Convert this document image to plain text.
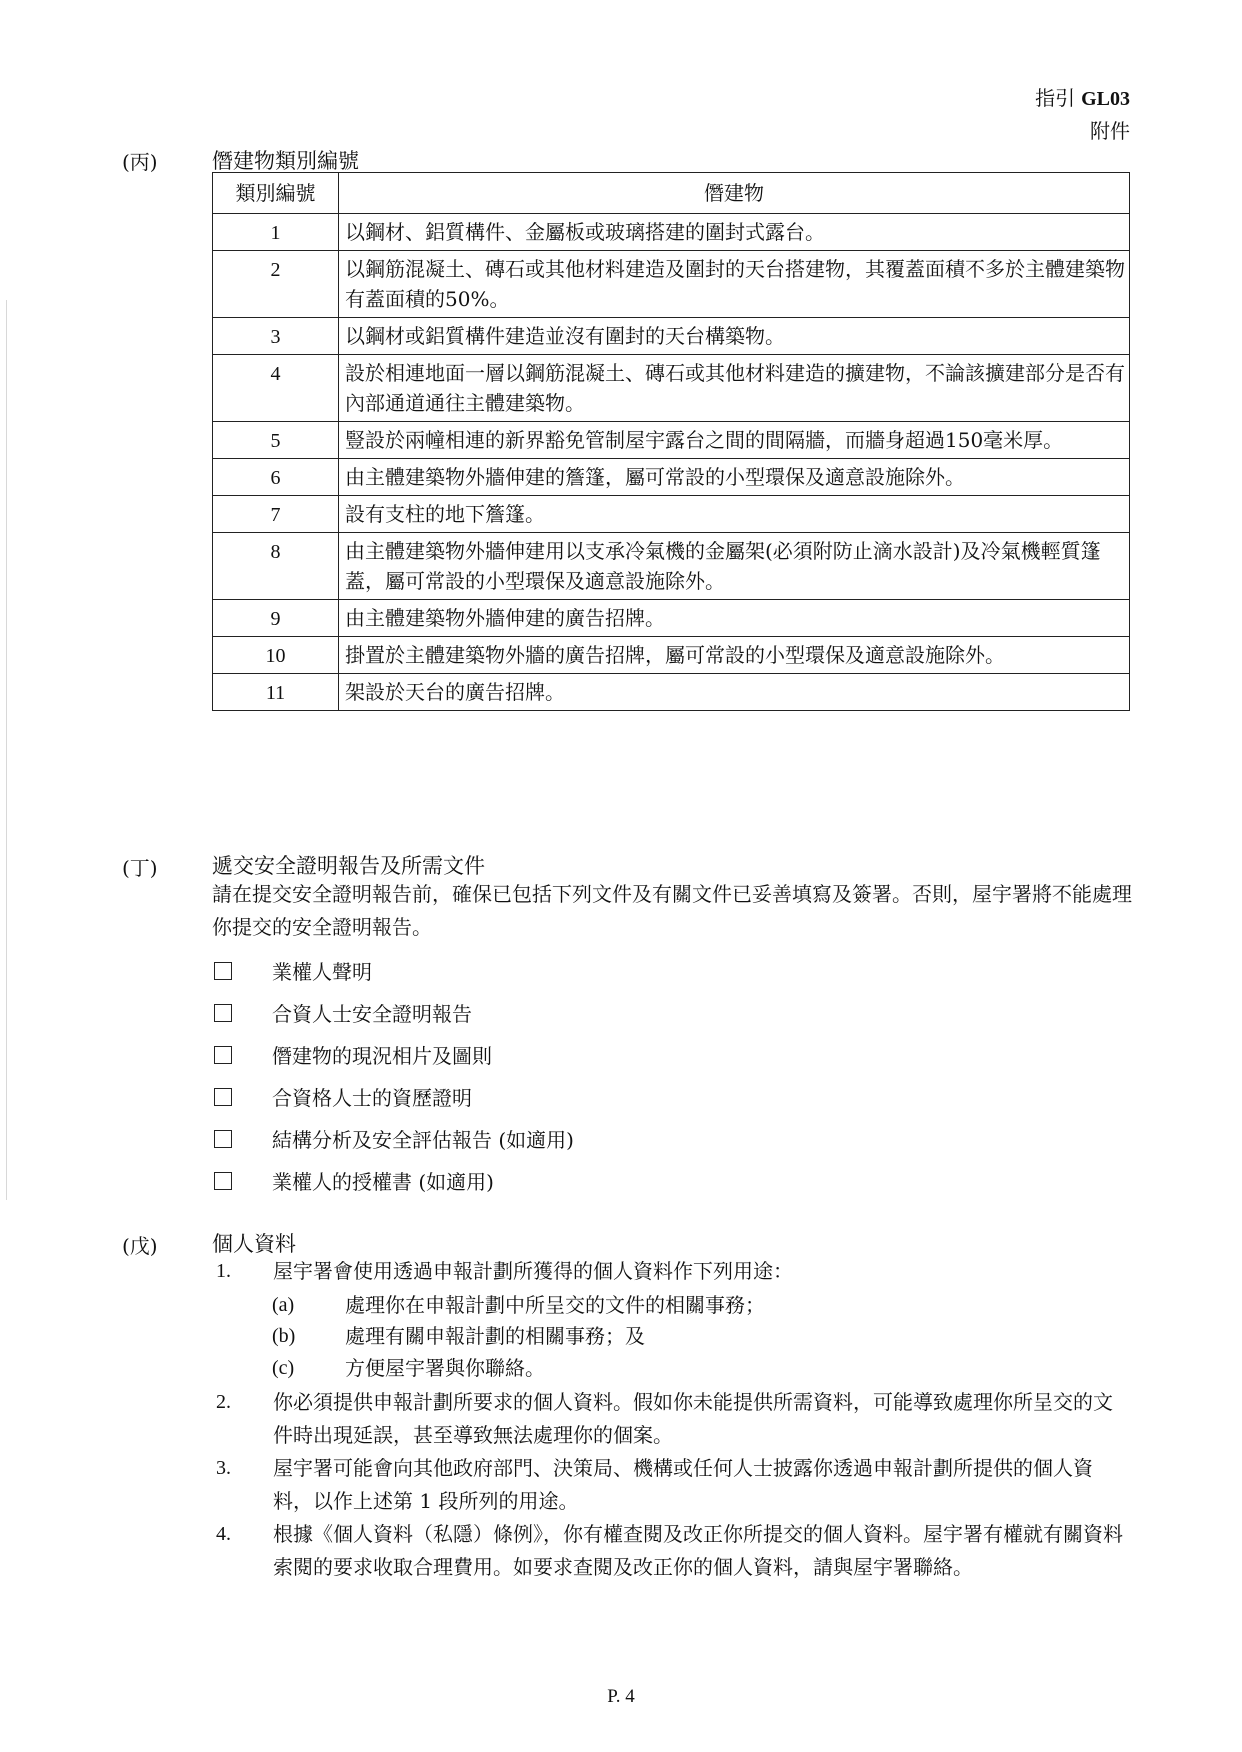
指引 GL03
附件
(丙)	僭建物類別編號
類別編號	僭建物
1	以鋼材、鋁質構件、金屬板或玻璃搭建的圍封式露台。
2	以鋼筋混凝土、磚石或其他材料建造及圍封的天台搭建物，其覆蓋面積不多於主體建築物有蓋面積的50%。
3	以鋼材或鋁質構件建造並沒有圍封的天台構築物。
4	設於相連地面一層以鋼筋混凝土、磚石或其他材料建造的擴建物，不論該擴建部分是否有內部通道通往主體建築物。
5	豎設於兩幢相連的新界豁免管制屋宇露台之間的間隔牆，而牆身超過150毫米厚。
6	由主體建築物外牆伸建的簷篷，屬可常設的小型環保及適意設施除外。
7	設有支柱的地下簷篷。
8	由主體建築物外牆伸建用以支承冷氣機的金屬架(必須附防止滴水設計)及冷氣機輕質篷蓋，屬可常設的小型環保及適意設施除外。
9	由主體建築物外牆伸建的廣告招牌。
10	掛置於主體建築物外牆的廣告招牌，屬可常設的小型環保及適意設施除外。
11	架設於天台的廣告招牌。
(丁)	遞交安全證明報告及所需文件
請在提交安全證明報告前，確保已包括下列文件及有關文件已妥善填寫及簽署。否則，屋宇署將不能處理你提交的安全證明報告。
業權人聲明
合資人士安全證明報告
僭建物的現況相片及圖則
合資格人士的資歷證明
結構分析及安全評估報告 (如適用)
業權人的授權書 (如適用)
(戊)	個人資料
1. 屋宇署會使用透過申報計劃所獲得的個人資料作下列用途：
(a)	處理你在申報計劃中所呈交的文件的相關事務；
(b) 處理有關申報計劃的相關事務；及
(c)	方便屋宇署與你聯絡。
2. 你必須提供申報計劃所要求的個人資料。假如你未能提供所需資料，可能導致處理你所呈交的文件時出現延誤，甚至導致無法處理你的個案。
3. 屋宇署可能會向其他政府部門、決策局、機構或任何人士披露你透過申報計劃所提供的個人資料，以作上述第 1 段所列的用途。
4. 根據《個人資料（私隱）條例》，你有權查閱及改正你所提交的個人資料。屋宇署有權就有關資料索閱的要求收取合理費用。如要求查閱及改正你的個人資料，請與屋宇署聯絡。
P. 4
